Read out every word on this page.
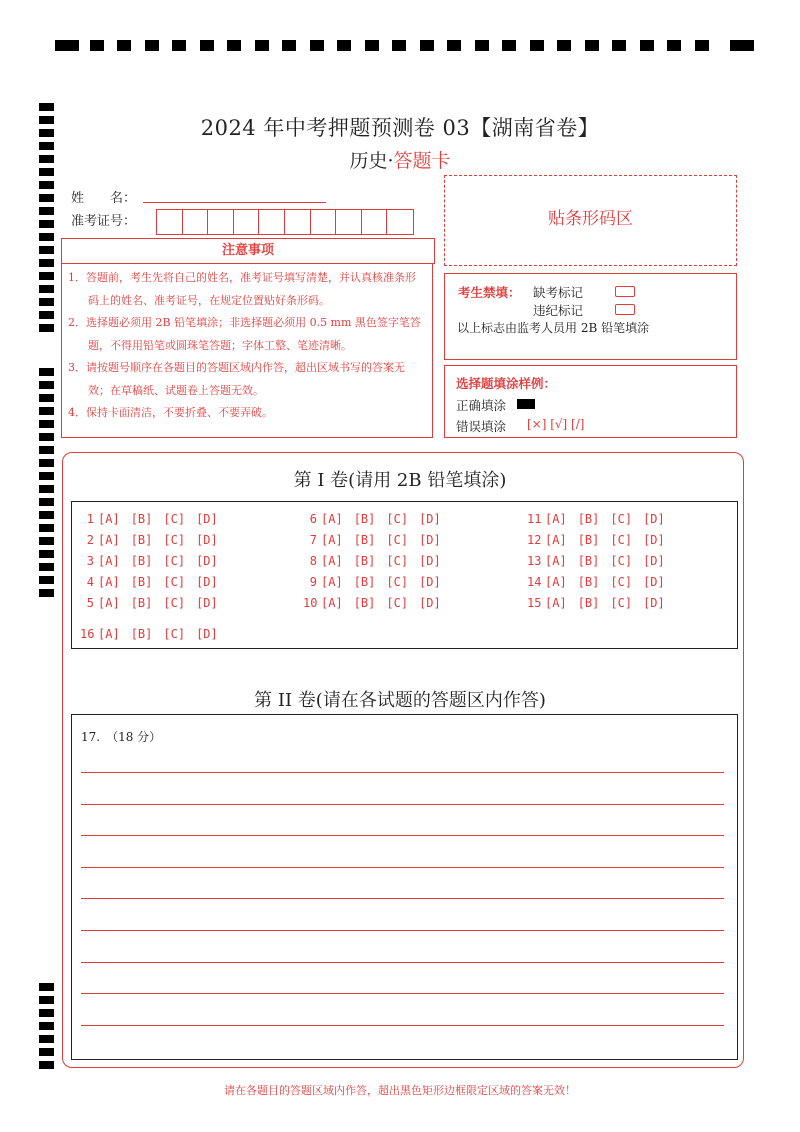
2024 年中考押题预测卷 03【湖南省卷】
历史·答题卡
姓　　名：
准考证号：
注意事项
1．答题前，考生先将自己的姓名，准考证号填写清楚，并认真核准条形码上的姓名、准考证号，在规定位置贴好条形码。
2．选择题必须用 2B 铅笔填涂；非选择题必须用 0.5 mm 黑色签字笔答题，不得用铅笔或圆珠笔答题；字体工整、笔迹清晰。
3．请按题号顺序在各题目的答题区域内作答，超出区域书写的答案无效；在草稿纸、试题卷上答题无效。
4．保持卡面清洁，不要折叠、不要弄破。
贴条形码区
考生禁填： 缺考标记
违纪标记
以上标志由监考人员用 2B 铅笔填涂
选择题填涂样例：
正确填涂
错误填涂 [×] [√] [/]
第 I 卷(请用 2B 铅笔填涂)
1 [A] [B] [C] [D]
2 [A] [B] [C] [D]
3 [A] [B] [C] [D]
4 [A] [B] [C] [D]
5 [A] [B] [C] [D]
6 [A] [B] [C] [D]
7 [A] [B] [C] [D]
8 [A] [B] [C] [D]
9 [A] [B] [C] [D]
10 [A] [B] [C] [D]
11 [A] [B] [C] [D]
12 [A] [B] [C] [D]
13 [A] [B] [C] [D]
14 [A] [B] [C] [D]
15 [A] [B] [C] [D]
16 [A] [B] [C] [D]
第 II 卷(请在各试题的答题区内作答)
17.　（18 分）
请在各题目的答题区域内作答，超出黑色矩形边框限定区域的答案无效！
